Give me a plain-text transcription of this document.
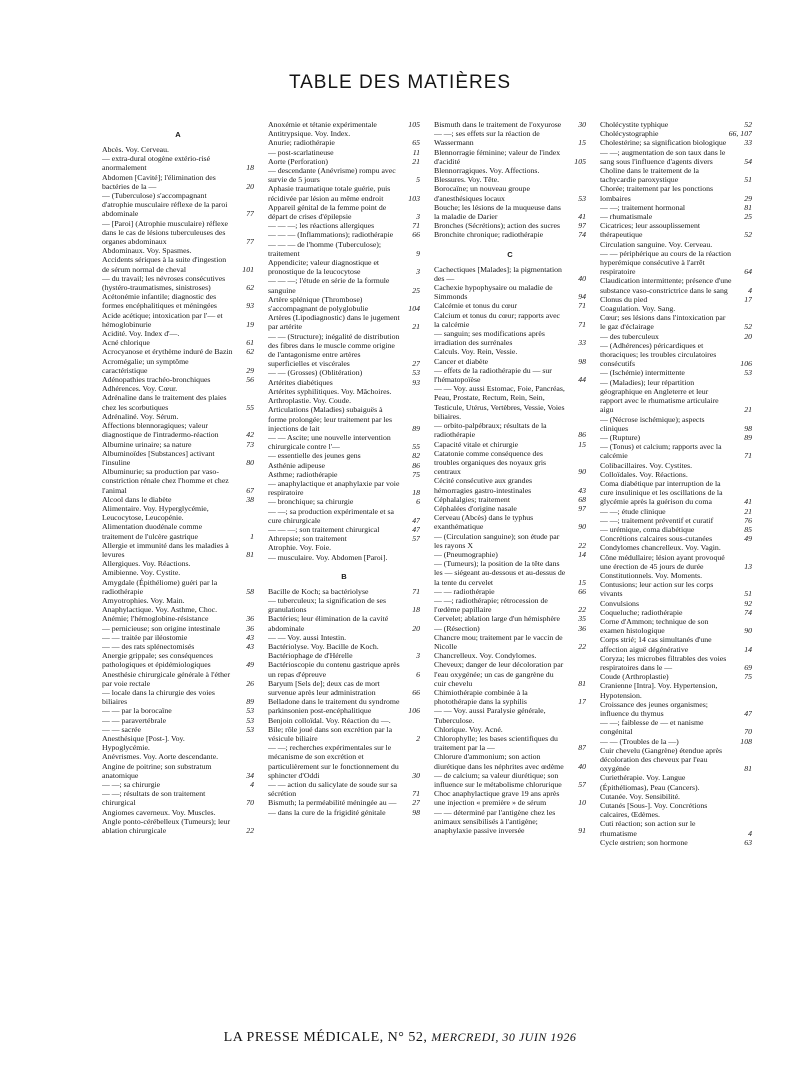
TABLE DES MATIÈRES
A
Abcès. Voy. Cerveau.
— extra-dural otogène extério-risé anormalement	18
Abdomen [Cavité]; l'élimination des bactéries de la —	20
— (Tuberculose) s'accompagnant d'atrophie musculaire réflexe de la paroi abdominale	77
— [Paroi] (Atrophie musculaire) réflexe dans le cas de lésions tuberculeuses des organes abdominaux	77
Abdominaux. Voy. Spasmes.
Accidents sériques à la suite d'ingestion de sérum normal de cheval	101
— du travail; les névroses consécutives (hystéro-traumatismes, sinistroses)	62
Acétonémie infantile; diagnostic des formes encéphalitiques et méningées	93
Acide acétique; intoxication par l'— et hémoglobinurie	19
Acidité. Voy. Index d'—.
Acné chlorique	61
Acrocyanose et érythème induré de Bazin 62
Acromégalie; un symptôme caractéristique	29
Adénopathies trachéo-bronchiques	56
Adhérences. Voy. Cœur.
Adrénaline dans le traitement des plaies chez les scorbutiques	55
Adrénaliné. Voy. Sérum.
Affections blennoragiques; valeur diagnostique de l'intradermo-réaction	42
Albumine urinaire; sa nature	73
Albuminoïdes [Substances] activant l'insuline	80
Albuminurie; sa production par vaso-constriction rénale chez l'homme et chez l'animal	67
Alcool dans le diabète	38
Alimentaire. Voy. Hyperglycémie, Leucocytose, Leucopénie.
Alimentation duodénale comme traitement de l'ulcère gastrique	1
Allergie et immunité dans les maladies à levures	81
Allergiques. Voy. Réactions.
Amibienne. Voy. Cystite.
Amygdale (Épithéliome) guéri par la radiothérapie	58
Amyotrophies. Voy. Main.
Anaphylactique. Voy. Asthme, Choc.
Anémie; l'hémoglobine-résistance	36
— pernicieuse; son origine intestinale	36
— — traitée par iléostomie	43
— — des rats splénectomisés	43
Anergie grippale; ses conséquences pathologiques et épidémiologiques	49
Anesthésie chirurgicale générale à l'éther par voie rectale	26
— locale dans la chirurgie des voies biliaires	89
— — par la borocaïne	53
— — paravertébrale	53
— — sacrée	53
Anesthésique [Post-]. Voy. Hypoglycémie.
Anévrismes. Voy. Aorte descendante.
Angine de poitrine; son substratum anatomique	34
— —; sa chirurgie	4
— —; résultats de son traitement chirurgical	70
Angiomes caverneux. Voy. Muscles.
Angle ponto-cérébelleux (Tumeurs); leur ablation chirurgicale	22
Anoxémie et tétanie expérimentale	105
Antitrypsique. Voy. Index.
Anurie; radiothérapie	65
— post-scarlatineuse	11
Aorte (Perforation)	21
— descendante (Anévrisme) rompu avec survie de 5 jours	5
Aphasie traumatique totale guérie, puis récidivée par lésion au même endroit	103
Appareil génital de la femme point de départ de crises d'épilepsie	3
— — —; les réactions allergiques	71
— — — (Inflammations); radiothérapie 66
— — — de l'homme (Tuberculose); traitement	9
Appendicite; valeur diagnostique et pronostique de la leucocytose	3
— — —; l'étude en série de la formule sanguine	25
Artère splénique (Thrombose) s'accompagnant de polyglobulie	104
Artères (Lipodiagnostic) dans le jugement par artérite	21
— — (Structure); inégalité de distribution des fibres dans le muscle comme origine de l'antagonisme entre artères superficielles et viscérales	27
— — (Grosses) (Oblitération)	53
Artérites diabétiques	93
Artérites syphilitiques. Voy. Mâchoires.
Arthroplastie. Voy. Coude.
Articulations (Maladies) subaiguës à forme prolongée; leur traitement par les injections de lait	89
— — Ascite; une nouvelle intervention chirurgicale contre l'—	55
— essentielle des jeunes gens	82
Asthénie adipeuse	86
Asthme; radiothérapie	75
— anaphylactique et anaphylaxie par voie respiratoire	18
— bronchique; sa chirurgie	6
— —; sa production expérimentale et sa cure chirurgicale	47
— — —; son traitement chirurgical	47
Athrepsie; son traitement	57
Atrophie. Voy. Foie.
— musculaire. Voy. Abdomen [Paroi].
B
Bacille de Koch; sa bactériolyse	71
— tuberculeux; la signification de ses granulations	18
Bactéries; leur élimination de la cavité abdominale	20
— — Voy. aussi Intestin.
Bactériolyse. Voy. Bacille de Koch.
Bactériophage de d'Hérelle	3
Bactérioscopie du contenu gastrique après un repas d'épreuve	6
Baryum [Sels de]; deux cas de mort survenue après leur administration	66
Belladone dans le traitement du syndrome parkinsonien post-encéphalitique	106
Benjoin colloïdal. Voy. Réaction du —.
Bile; rôle joué dans son excrétion par la vésicule biliaire	2
— —; recherches expérimentales sur le mécanisme de son excrétion et particulièrement sur le fonctionnement du sphincter d'Oddi	30
— — action du salicylate de soude sur sa sécrétion	71
Bismuth; la perméabilité méningée au — 27
— dans la cure de la frigidité génitale	98
Bismuth dans le traitement de l'oxyurose 30
— —; ses effets sur la réaction de Wassermann	15
Blennorragie féminine; valeur de l'index d'acidité	105
Blennorragiques. Voy. Affections.
Blessures. Voy. Tête.
Borocaïne; un nouveau groupe d'anesthésiques locaux	53
Bouche; les lésions de la muqueuse dans la maladie de Darier	41
Bronches (Sécrétions); action des sucres 97
Bronchite chronique; radiothérapie	74
C
Cachectiques [Malades]; la pigmentation des —	40
Cachexie hypophysaire ou maladie de Simmonds	94
Calcémie et tonus du cœur	71
Calcium et tonus du cœur; rapports avec la calcémie	71
— sanguin; ses modifications après irradiation des surrénales	33
Calculs. Voy. Rein, Vessie.
Cancer et diabète	98
— effets de la radiothérapie du — sur l'hématopoïèse	44
— — Voy. aussi Estomac, Foie, Pancréas, Peau, Prostate, Rectum, Rein, Sein, Testicule, Utérus, Vertèbres, Vessie, Voies biliaires.
— orbito-palpébraux; résultats de la radiothérapie	86
Capacité vitale et chirurgie	15
Catatonie comme conséquence des troubles organiques des noyaux gris centraux	90
Cécité consécutive aux grandes hémorragies gastro-intestinales	43
Céphalalgies; traitement	68
Céphalées d'origine nasale	97
Cerveau (Abcès) dans le typhus exanthématique	90
— (Circulation sanguine); son étude par les rayons X	22
— (Pneumographie)	14
— (Tumeurs); la position de la tête dans les — siégeant au-dessous et au-dessus de la tente du cervelet	15
— — radiothérapie	66
— —; radiothérapie; rétrocession de l'œdème papillaire	22
Cervelet; ablation large d'un hémisphère 35
— (Résection)	36
Chancre mou; traitement par le vaccin de Nicolle	22
Chancrelleux. Voy. Condylomes.
Cheveux; danger de leur décoloration par l'eau oxygénée; un cas de gangrène du cuir chevelu	81
Chimiothérapie combinée à la photothérapie dans la syphilis	17
— — Voy. aussi Paralysie générale, Tuberculose.
Chlorique. Voy. Acné.
Chlorophylle; les bases scientifiques du traitement par la —	87
Chlorure d'ammonium; son action diurétique dans les néphrites avec œdème 40
— de calcium; sa valeur diurétique; son influence sur le métabolisme chlorurique 57
Choc anaphylactique grave 19 ans après une injection « première » de sérum	10
— — déterminé par l'antigène chez les animaux sensibilisés à l'antigène; anaphylaxie passive inversée	91
Cholécystite typhique	52
Cholécystographie	66, 107
Cholestérine; sa signification biologique 33
— —; augmentation de son taux dans le sang sous l'influence d'agents divers	54
Choline dans le traitement de la tachycardie paroxystique	51
Chorée; traitement par les ponctions lombaires	29
— —; traitement hormonal	81
— rhumatismale	25
Cicatrices; leur assouplissement thérapeutique	52
Circulation sanguine. Voy. Cerveau.
— — périphérique au cours de la réaction hyperémique consécutive à l'arrêt respiratoire	64
Claudication intermittente; présence d'une substance vaso-constrictrice dans le sang	4
Clonus du pied	17
Coagulation. Voy. Sang.
Cœur; ses lésions dans l'intoxication par le gaz d'éclairage	52
— des tuberculeux	20
— (Adhérences) péricardiques et thoraciques; les troubles circulatoires consécutifs	106
— (Ischémie) intermittente	53
— (Maladies); leur répartition géographique en Angleterre et leur rapport avec le rhumatisme articulaire aigu	21
— (Nécrose ischémique); aspects cliniques	98
— (Rupture)	89
— (Tonus) et calcium; rapports avec la calcémie	71
Colibacillaires. Voy. Cystites.
Colloïdales. Voy. Réactions.
Coma diabétique par interruption de la cure insulinique et les oscillations de la glycémie après la guérison du coma	41
— —; étude clinique	21
— —; traitement préventif et curatif	76
— urémique, coma diabétique	85
Concrétions calcaires sous-cutanées	49
Condylomes chancrelleux. Voy. Vagin.
Cône médullaire; lésion ayant provoqué une érection de 45 jours de durée	13
Constitutionnels. Voy. Moments.
Contusions; leur action sur les corps vivants	51
Convulsions	92
Coqueluche; radiothérapie	74
Corne d'Ammon; technique de son examen histologique	90
Corps strié; 14 cas simultanés d'une affection aiguë dégénérative	14
Coryza; les microbes filtrables des voies respiratoires dans le —	69
Coude (Arthroplastie)	75
Cranienne [Intra]. Voy. Hypertension, Hypotension.
Croissance des jeunes organismes; influence du thymus	47
— —; faiblesse de — et nanisme congénital	70
— — (Troubles de la —)	108
Cuir chevelu (Gangrène) étendue après décoloration des cheveux par l'eau oxygénée	81
Curiethérapie. Voy. Langue (Épithéliomas), Peau (Cancers).
Cutanée. Voy. Sensibilité.
Cutanés [Sous-]. Voy. Concrétions calcaires, Œdèmes.
Cuti réaction; son action sur le rhumatisme	4
Cycle œstrien; son hormone	63
LA PRESSE MÉDICALE, N° 52, MERCREDI, 30 JUIN 1926
